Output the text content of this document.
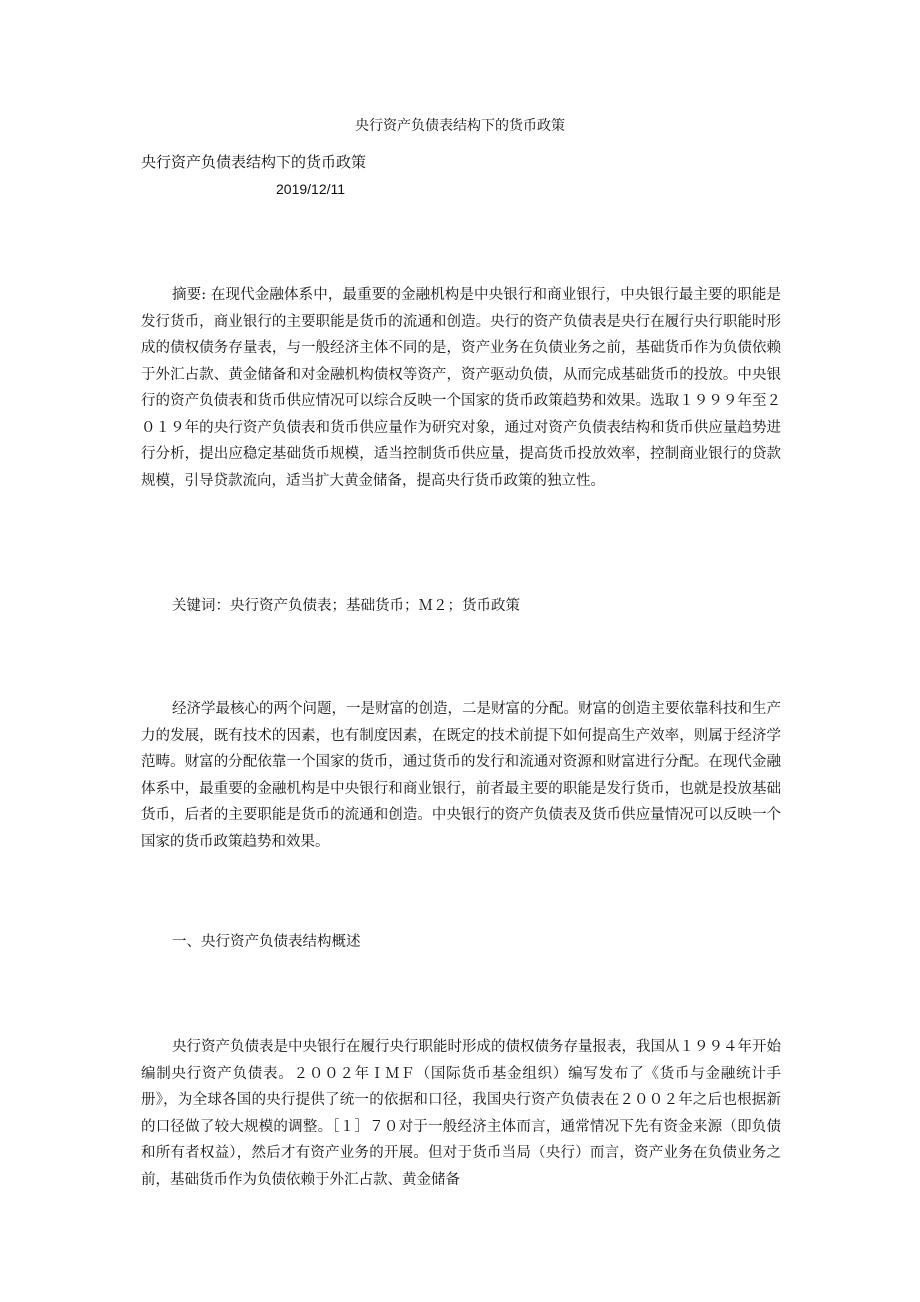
央行资产负债表结构下的货币政策
央行资产负债表结构下的货币政策
2019/12/11

摘要: 在现代金融体系中，最重要的金融机构是中央银行和商业银行，中央银行最主要的职能是发行货币，商业银行的主要职能是货币的流通和创造。央行的资产负债表是央行在履行央行职能时形成的债权债务存量表，与一般经济主体不同的是，资产业务在负债业务之前，基础货币作为负债依赖于外汇占款、黄金储备和对金融机构债权等资产，资产驱动负债，从而完成基础货币的投放。中央银行的资产负债表和货币供应情况可以综合反映一个国家的货币政策趋势和效果。选取１９９９年至２０１９年的央行资产负债表和货币供应量作为研究对象，通过对资产负债表结构和货币供应量趋势进行分析，提出应稳定基础货币规模，适当控制货币供应量，提高货币投放效率，控制商业银行的贷款规模，引导贷款流向，适当扩大黄金储备，提高央行货币政策的独立性。

关键词：央行资产负债表；基础货币；Ｍ２；货币政策

经济学最核心的两个问题，一是财富的创造，二是财富的分配。财富的创造主要依靠科技和生产力的发展，既有技术的因素，也有制度因素，在既定的技术前提下如何提高生产效率，则属于经济学范畴。财富的分配依靠一个国家的货币，通过货币的发行和流通对资源和财富进行分配。在现代金融体系中，最重要的金融机构是中央银行和商业银行，前者最主要的职能是发行货币，也就是投放基础货币，后者的主要职能是货币的流通和创造。中央银行的资产负债表及货币供应量情况可以反映一个国家的货币政策趋势和效果。

一、央行资产负债表结构概述

央行资产负债表是中央银行在履行央行职能时形成的债权债务存量报表，我国从１９９４年开始编制央行资产负债表。２００２年ＩＭＦ（国际货币基金组织）编写发布了《货币与金融统计手册》，为全球各国的央行提供了统一的依据和口径，我国央行资产负债表在２００２年之后也根据新的口径做了较大规模的调整。［１］７０对于一般经济主体而言，通常情况下先有资金来源（即负债和所有者权益），然后才有资产业务的开展。但对于货币当局（央行）而言，资产业务在负债业务之前，基础货币作为负债依赖于外汇占款、黄金储备
